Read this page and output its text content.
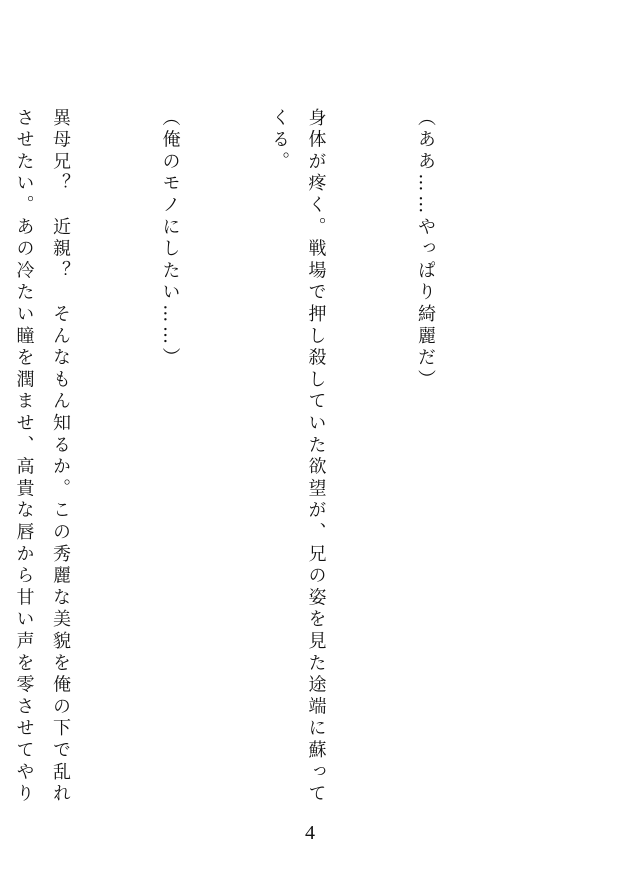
（ああ……やっぱり綺麗だ）

身体が疼く。戦場で押し殺していた欲望が、兄の姿を見た途端に蘇ってくる。

（俺のモノにしたい……）

異母兄？　近親？　そんなもん知るか。この秀麗な美貌を俺の下で乱れさせたい。あの冷たい瞳を潤ませ、高貴な唇から甘い声を零させてやり

4
